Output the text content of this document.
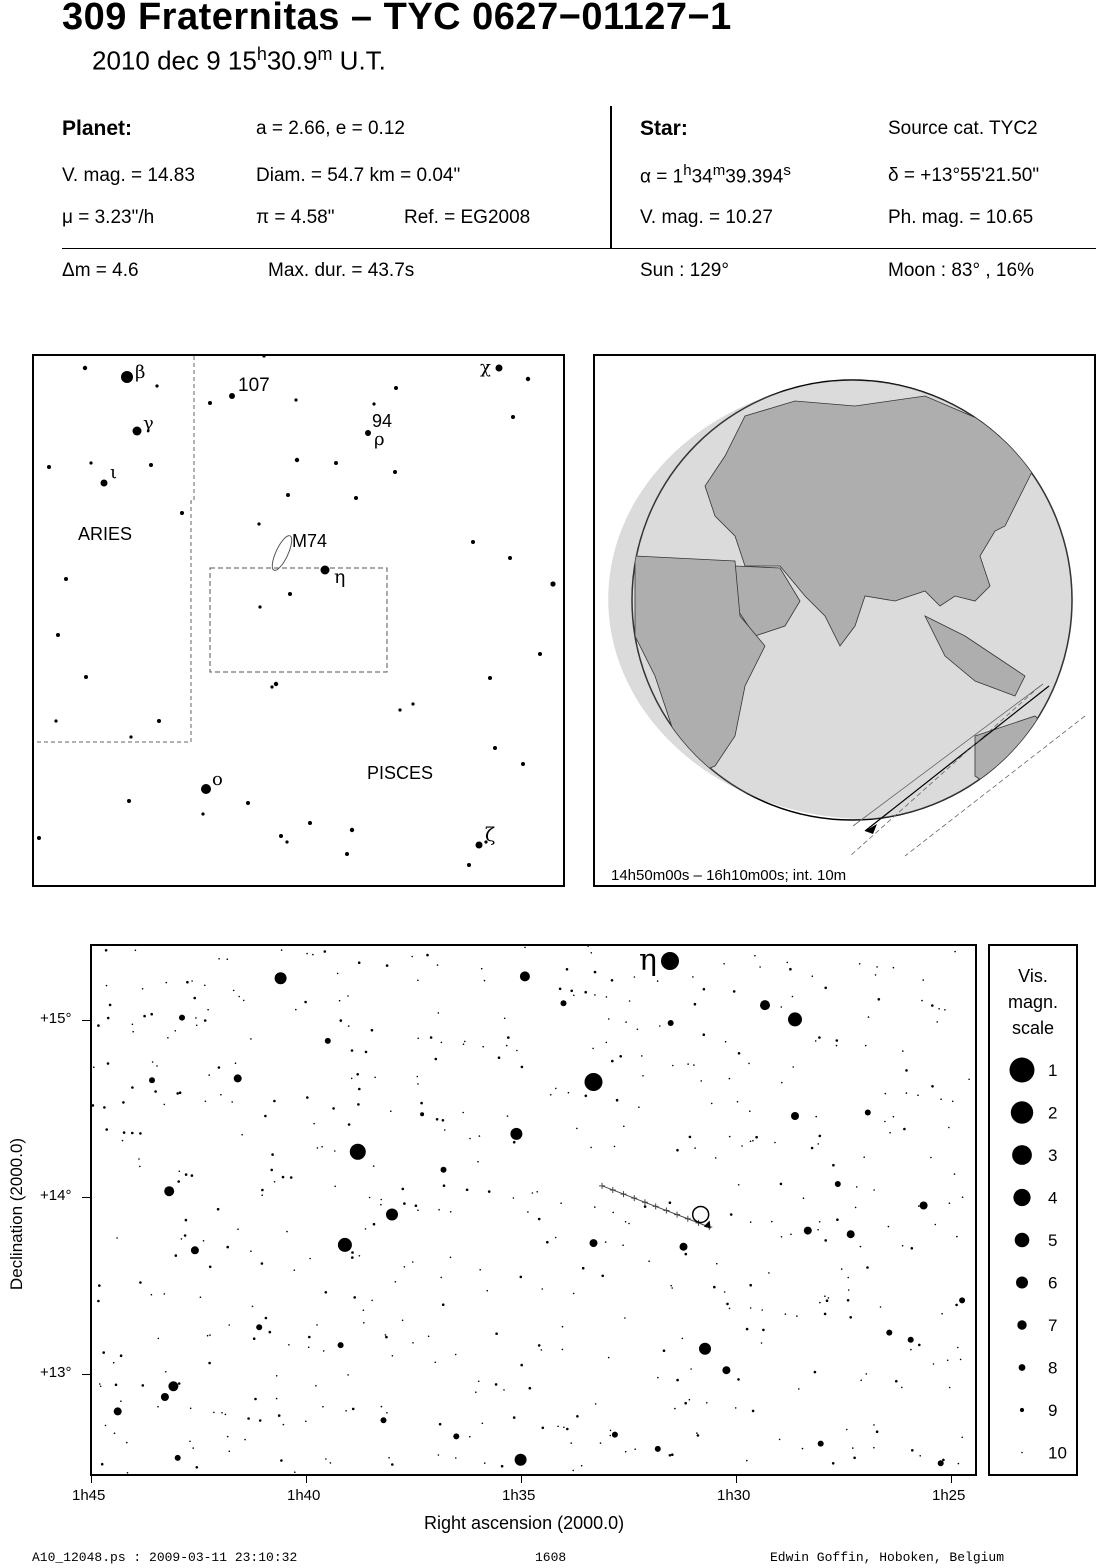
309 Fraternitas – TYC 0627−01127−1
2010 dec 9 15$^h$30.9$^m$ U.T.
Planet:	a = 2.66, e = 0.12
V. mag. = 14.83	Diam. = 54.7 km = 0.04"
μ = 3.23"/h	π = 4.58"	Ref. = EG2008
Star:	Source cat. TYC2
$\alpha = 1^h34^m39.394^s$	δ = +13°55'21.50"
V. mag. = 10.27	Ph. mag. = 10.65
Δm = 4.6	Max. dur. = 43.7s	Sun : 129°	Moon : 83° , 16%
β
γ
ι
χ
107
94
ρ
M74
η
o
ζ
ARIES
PISCES
14h50m00s – 16h10m00s; int. 10m
η
+15°
+14°
+13°
Declination (2000.0)
1h45	1h40	1h35	1h30	1h25
Right ascension (2000.0)
Vis.
magn.
scale
1
2
3
4
5
6
7
8
9
10
A10_12048.ps : 2009-03-11 23:10:32	1608	Edwin Goffin, Hoboken, Belgium
